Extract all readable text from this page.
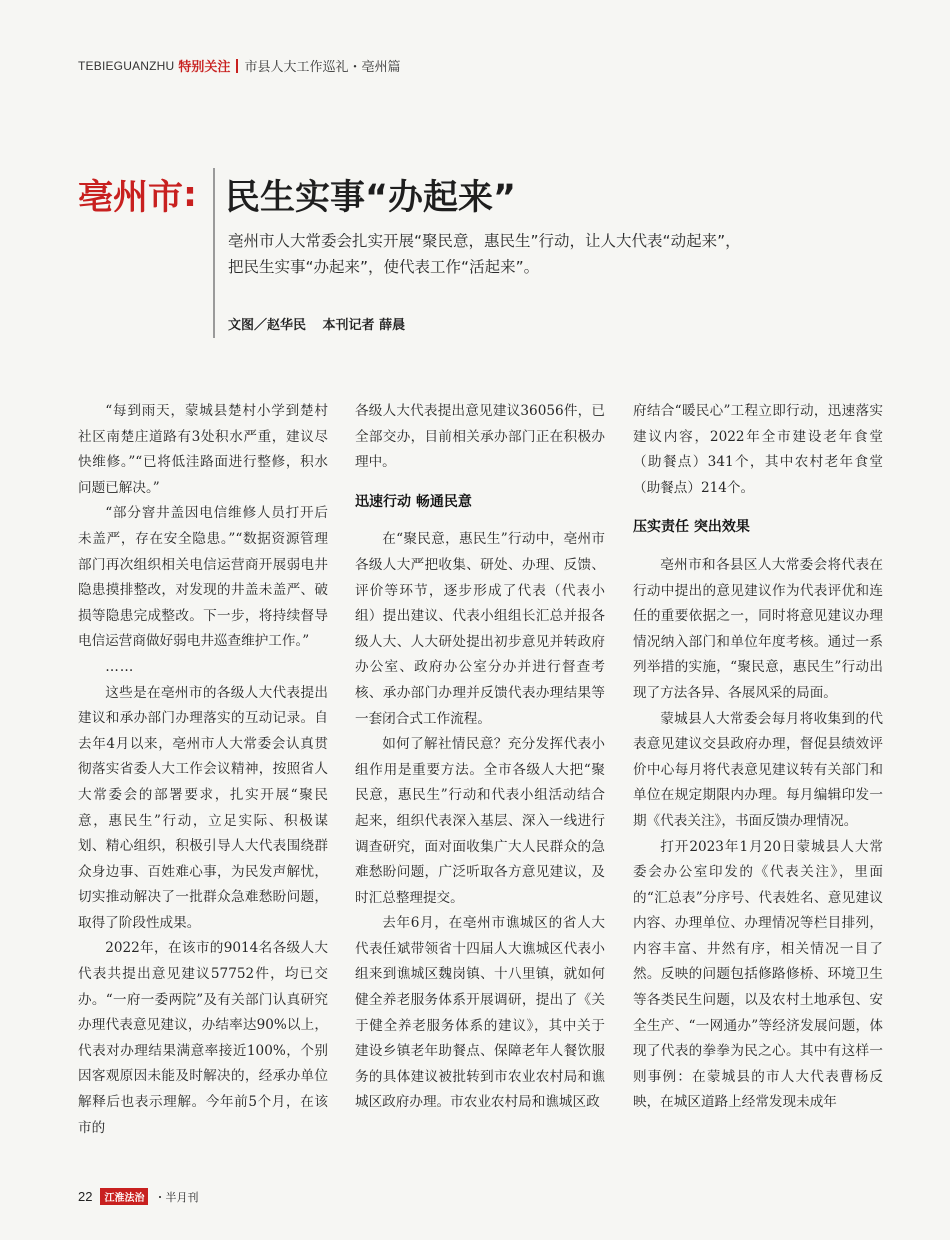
TEBIEGUANZHU 特别关注 市县人大工作巡礼・亳州篇
亳州市 : 民生实事“办起来”

亳州市人大常委会扎实开展“聚民意，惠民生”行动，让人大代表“动起来”，

把民生实事“办起来”，使代表工作“活起来”。

文图／赵华民 本刊记者 薛晨

“每到雨天，蒙城县楚村小学到楚村社区南楚庄道路有3处积水严重，建议尽快维修。”“已将低洼路面进行整修，积水问题已解决。”

“部分窨井盖因电信维修人员打开后未盖严，存在安全隐患。”“数据资源管理部门再次组织相关电信运营商开展弱电井隐患摸排整改，对发现的井盖未盖严、破损等隐患完成整改。下一步，将持续督导电信运营商做好弱电井巡查维护工作。”

……

这些是在亳州市的各级人大代表提出建议和承办部门办理落实的互动记录。自去年4月以来，亳州市人大常委会认真贯彻落实省委人大工作会议精神，按照省人大常委会的部署要求，扎实开展“聚民意，惠民生”行动，立足实际、积极谋划、精心组织，积极引导人大代表围绕群众身边事、百姓难心事，为民发声解忧，切实推动解决了一批群众急难愁盼问题，取得了阶段性成果。

2022年，在该市的9014名各级人大代表共提出意见建议57752件，均已交办。“一府一委两院”及有关部门认真研究办理代表意见建议，办结率达90%以上，代表对办理结果满意率接近100%，个别因客观原因未能及时解决的，经承办单位解释后也表示理解。今年前5个月，在该市的

各级人大代表提出意见建议36056件，已全部交办，目前相关承办部门正在积极办理中。

迅速行动 畅通民意

在“聚民意，惠民生”行动中，亳州市各级人大严把收集、研处、办理、反馈、评价等环节，逐步形成了代表（代表小组）提出建议、代表小组组长汇总并报各级人大、人大研处提出初步意见并转政府办公室、政府办公室分办并进行督查考核、承办部门办理并反馈代表办理结果等一套闭合式工作流程。

如何了解社情民意？充分发挥代表小组作用是重要方法。全市各级人大把“聚民意，惠民生”行动和代表小组活动结合起来，组织代表深入基层、深入一线进行调查研究，面对面收集广大人民群众的急难愁盼问题，广泛听取各方意见建议，及时汇总整理提交。

去年6月，在亳州市谯城区的省人大代表任斌带领省十四届人大谯城区代表小组来到谯城区魏岗镇、十八里镇，就如何健全养老服务体系开展调研，提出了《关于健全养老服务体系的建议》，其中关于建设乡镇老年助餐点、保障老年人餐饮服务的具体建议被批转到市农业农村局和谯城区政府办理。市农业农村局和谯城区政

府结合“暖民心”工程立即行动，迅速落实建议内容，2022年全市建设老年食堂（助餐点）341个，其中农村老年食堂（助餐点）214个。

压实责任 突出效果

亳州市和各县区人大常委会将代表在行动中提出的意见建议作为代表评优和连任的重要依据之一，同时将意见建议办理情况纳入部门和单位年度考核。通过一系列举措的实施，“聚民意，惠民生”行动出现了方法各异、各展风采的局面。

蒙城县人大常委会每月将收集到的代表意见建议交县政府办理，督促县绩效评价中心每月将代表意见建议转有关部门和单位在规定期限内办理。每月编辑印发一期《代表关注》，书面反馈办理情况。

打开2023年1月20日蒙城县人大常委会办公室印发的《代表关注》，里面的“汇总表”分序号、代表姓名、意见建议内容、办理单位、办理情况等栏目排列，内容丰富、井然有序，相关情况一目了然。反映的问题包括修路修桥、环境卫生等各类民生问题，以及农村土地承包、安全生产、“一网通办”等经济发展问题，体现了代表的拳拳为民之心。其中有这样一则事例：在蒙城县的市人大代表曹杨反映，在城区道路上经常发现未成年

22	江淮法治 ・半月刊
